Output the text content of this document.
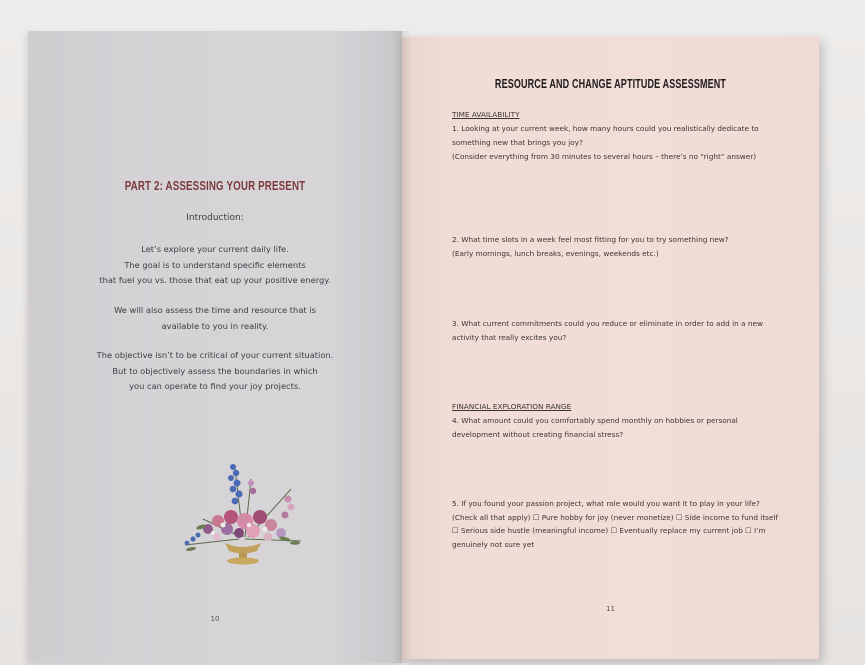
PART 2: ASSESSING YOUR PRESENT
Introduction:
Let’s explore your current daily life.
The goal is to understand specific elements
that fuel you vs. those that eat up your positive energy.
We will also assess the time and resource that is
available to you in reality.
The objective isn’t to be critical of your current situation.
But to objectively assess the boundaries in which
you can operate to find your joy projects.
10
RESOURCE AND CHANGE APTITUDE ASSESSMENT
TIME AVAILABILITY
1. Looking at your current week, how many hours could you realistically dedicate to something new that brings you joy?
(Consider everything from 30 minutes to several hours – there’s no “right” answer)
2. What time slots in a week feel most fitting for you to try something new?
(Early mornings, lunch breaks, evenings, weekends etc.)
3. What current commitments could you reduce or eliminate in order to add in a new activity that really excites you?
FINANCIAL EXPLORATION RANGE
4. What amount could you comfortably spend monthly on hobbies or personal development without creating financial stress?
5. If you found your passion project, what role would you want it to play in your life? (Check all that apply) ☐ Pure hobby for joy (never monetize) ☐ Side income to fund itself ☐ Serious side hustle (meaningful income) ☐ Eventually replace my current job ☐ I’m genuinely not sure yet
11
